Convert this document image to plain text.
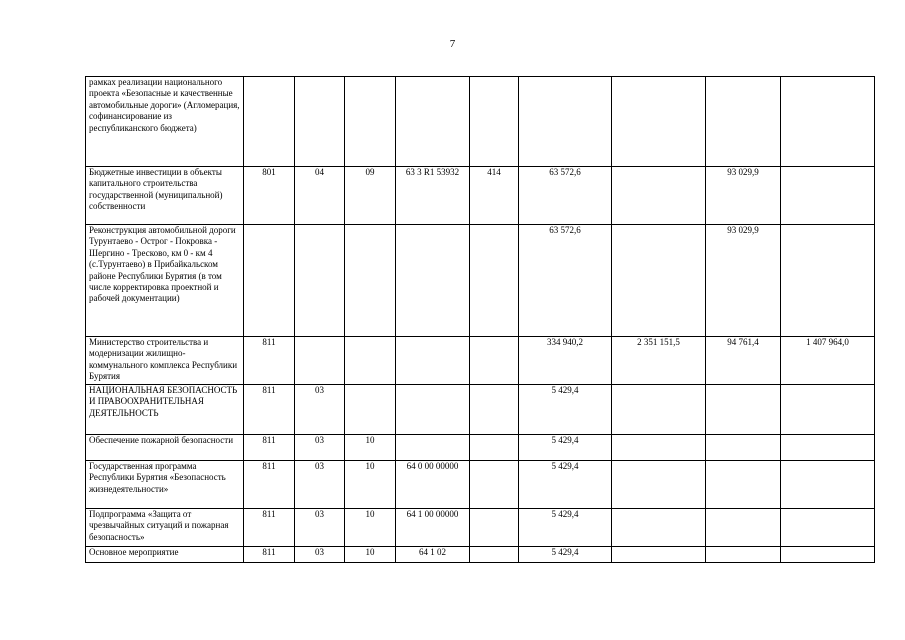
7
рамках реализации национального проекта «Безопасные и качественные автомобильные дороги» (Агломерация, софинансирование из республиканского бюджета)									
Бюджетные инвестиции в объекты капитального строительства государственной (муниципальной) собственности	801	04	09	63 3 R1 53932	414	63 572,6		93 029,9	
Реконструкция автомобильной дороги Турунтаево - Острог - Покровка - Шергино - Тресково, км 0 - км 4 (с.Турунтаево) в Прибайкальском районе Республики Бурятия (в том числе корректировка проектной и рабочей документации)						63 572,6		93 029,9	
Министерство строительства и модернизации жилищно-коммунального комплекса Республики Бурятия	811					334 940,2	2 351 151,5	94 761,4	1 407 964,0
НАЦИОНАЛЬНАЯ БЕЗОПАСНОСТЬ И ПРАВООХРАНИТЕЛЬНАЯ ДЕЯТЕЛЬНОСТЬ	811	03				5 429,4			
Обеспечение пожарной безопасности	811	03	10			5 429,4			
Государственная программа Республики Бурятия «Безопасность жизнедеятельности»	811	03	10	64 0 00 00000		5 429,4			
Подпрограмма «Защита от чрезвычайных ситуаций и пожарная безопасность»	811	03	10	64 1 00 00000		5 429,4			
Основное мероприятие	811	03	10	64 1 02		5 429,4			
